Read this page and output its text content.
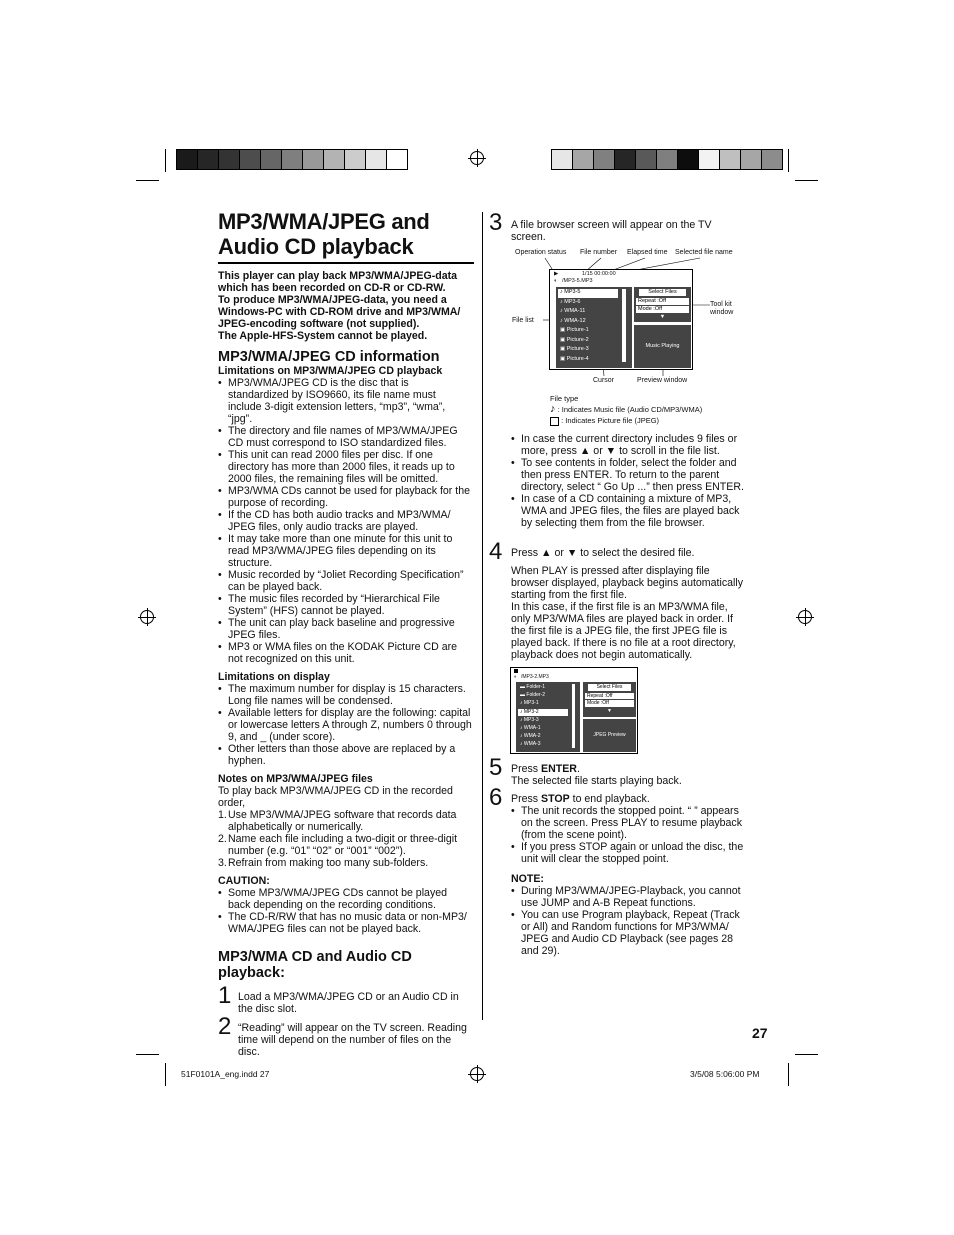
MP3/WMA/JPEG and
Audio CD playback
This player can play back MP3/WMA/JPEG-data
which has been recorded on CD-R or CD-RW.
To produce MP3/WMA/JPEG-data, you need a
Windows-PC with CD-ROM drive and MP3/WMA/
JPEG-encoding software (not supplied).
The Apple-HFS-System cannot be played.
MP3/WMA/JPEG CD information
Limitations on MP3/WMA/JPEG CD playback
• MP3/WMA/JPEG CD is the disc that is standardized by ISO9660, its file name must include 3-digit extension letters, “mp3”, “wma”, “jpg”.
• The directory and file names of MP3/WMA/JPEG CD must correspond to ISO standardized files.
• This unit can read 2000 files per disc. If one directory has more than 2000 files, it reads up to 2000 files, the remaining files will be omitted.
• MP3/WMA CDs cannot be used for playback for the purpose of recording.
• If the CD has both audio tracks and MP3/WMA/ JPEG files, only audio tracks are played.
• It may take more than one minute for this unit to read MP3/WMA/JPEG files depending on its structure.
• Music recorded by “Joliet Recording Specification” can be played back.
• The music files recorded by “Hierarchical File System” (HFS) cannot be played.
• The unit can play back baseline and progressive JPEG files.
• MP3 or WMA files on the KODAK Picture CD are not recognized on this unit.
Limitations on display
• The maximum number for display is 15 characters. Long file names will be condensed.
• Available letters for display are the following: capital or lowercase letters A through Z, numbers 0 through 9, and _ (under score).
• Other letters than those above are replaced by a hyphen.
Notes on MP3/WMA/JPEG files
To play back MP3/WMA/JPEG CD in the recorded order,
1. Use MP3/WMA/JPEG software that records data alphabetically or numerically.
2. Name each file including a two-digit or three-digit number (e.g. “01” “02” or “001” “002”).
3. Refrain from making too many sub-folders.
CAUTION:
• Some MP3/WMA/JPEG CDs cannot be played back depending on the recording conditions.
• The CD-R/RW that has no music data or non-MP3/ WMA/JPEG files can not be played back.
MP3/WMA CD and Audio CD playback:
1 Load a MP3/WMA/JPEG CD or an Audio CD in the disc slot.
2 “Reading” will appear on the TV screen. Reading time will depend on the number of files on the disc.
3 A file browser screen will appear on the TV screen.
Operation status File number Elapsed time Selected file name
Tool kit window
File list
Cursor	Preview window
▶	1/15 00:00:00
◐ /MP3-5.MP3
♪ MP3-5
♪ MP3-6
♪ WMA-11
♪ WMA-12
▣ Picture-1
▣ Picture-2
▣ Picture-3
▣ Picture-4
Select Files
Repeat :Off
Mode :Off
▼
Music Playing
File type
♪ : Indicates Music file (Audio CD/MP3/WMA)
: Indicates Picture file (JPEG)
• In case the current directory includes 9 files or more, press ▲ or ▼ to scroll in the file list.
• To see contents in folder, select the folder and then press ENTER. To return to the parent directory, select “ Go Up ...” then press ENTER.
• In case of a CD containing a mixture of MP3, WMA and JPEG files, the files are played back by selecting them from the file browser.
4 Press ▲ or ▼ to select the desired file.
When PLAY is pressed after displaying file
browser displayed, playback begins automatically
starting from the first file.
In this case, if the first file is an MP3/WMA file,
only MP3/WMA files are played back in order. If
the first file is a JPEG file, the first JPEG file is
played back. If there is no file at a root directory,
playback does not begin automatically.
◐ /MP3-2.MP3
▬ Folder-1
▬ Folder-2
♪ MP3-1
♪ MP3-2
♪ MP3-3
♪ WMA-1
♪ WMA-2
♪ WMA-3
Select Files
Repeat :Off
Mode :Off
▼
JPEG Preview
5 Press ENTER.
The selected file starts playing back.
6 Press STOP to end playback.
• The unit records the stopped point. “ ” appears on the screen. Press PLAY to resume playback (from the scene point).
• If you press STOP again or unload the disc, the unit will clear the stopped point.
NOTE:
• During MP3/WMA/JPEG-Playback, you cannot use JUMP and A-B Repeat functions.
• You can use Program playback, Repeat (Track or All) and Random functions for MP3/WMA/ JPEG and Audio CD Playback (see pages 28 and 29).
27
51F0101A_eng.indd 27	3/5/08 5:06:00 PM
